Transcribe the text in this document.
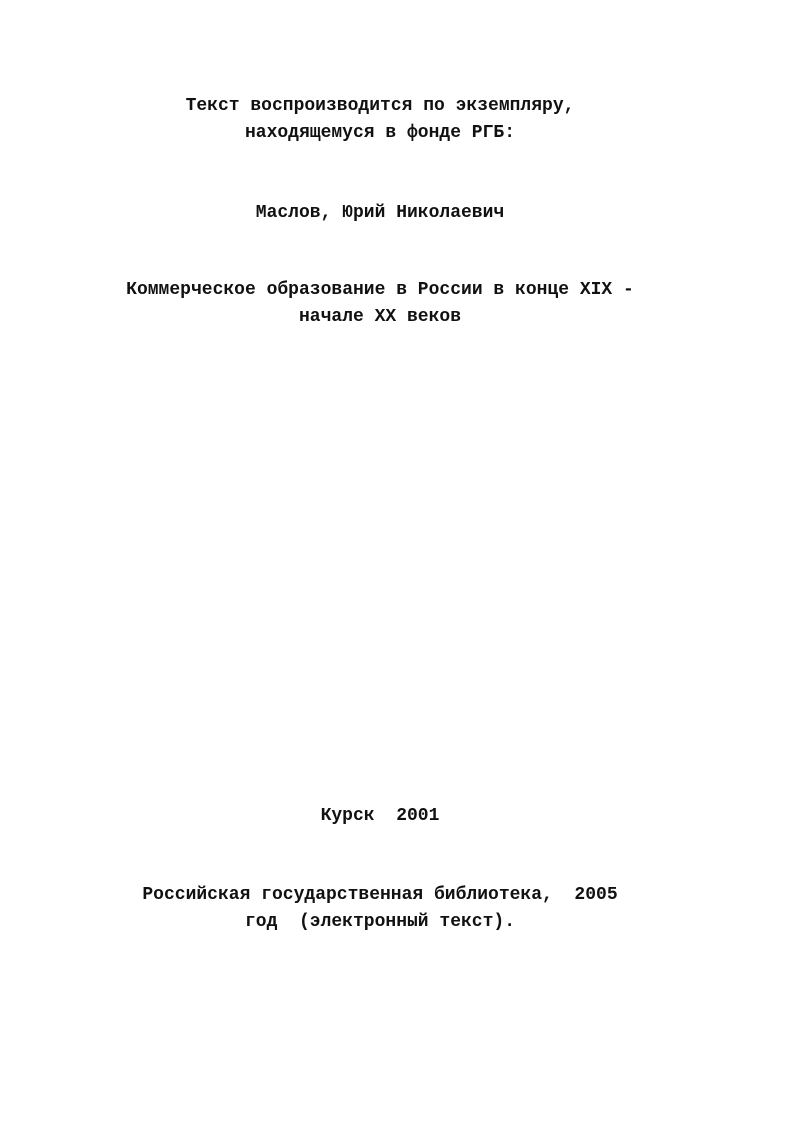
Текст воспроизводится по экземпляру,
находящемуся в фонде РГБ:
Маслов, Юрий Николаевич
Коммерческое образование в России в конце XIX -
начале XX веков
Курск  2001
Российская государственная библиотека,  2005
год  (электронный текст).
